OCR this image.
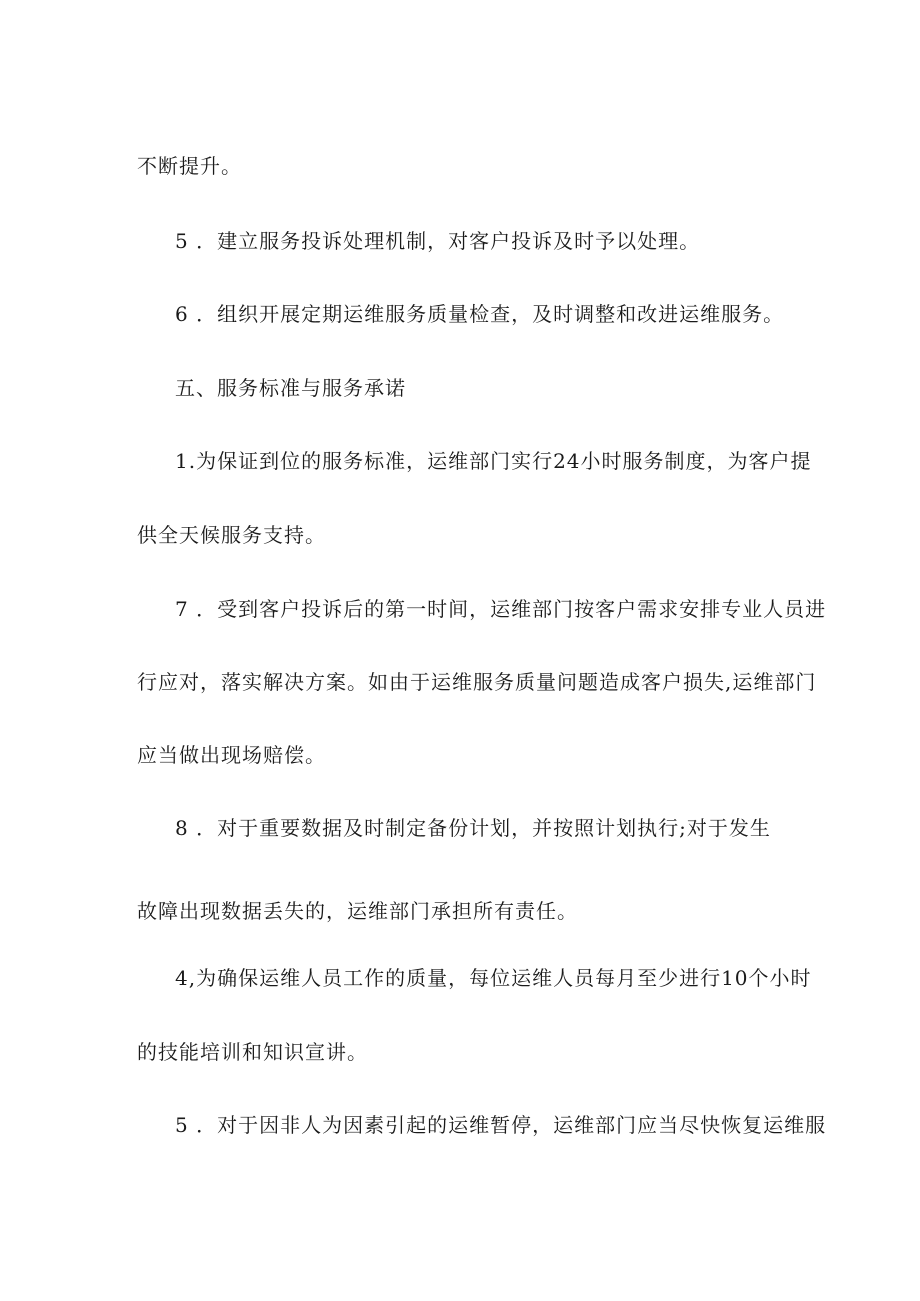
不断提升。
5 ．建立服务投诉处理机制，对客户投诉及时予以处理。
6 ．组织开展定期运维服务质量检查，及时调整和改进运维服务。
五、服务标准与服务承诺
1.为保证到位的服务标准，运维部门实行24小时服务制度，为客户提
供全天候服务支持。
7 ．受到客户投诉后的第一时间，运维部门按客户需求安排专业人员进
行应对，落实解决方案。如由于运维服务质量问题造成客户损失,运维部门
应当做出现场赔偿。
8 ．对于重要数据及时制定备份计划，并按照计划执行;对于发生
故障出现数据丢失的，运维部门承担所有责任。
4,为确保运维人员工作的质量，每位运维人员每月至少进行10个小时
的技能培训和知识宣讲。
5 ．对于因非人为因素引起的运维暂停，运维部门应当尽快恢复运维服
